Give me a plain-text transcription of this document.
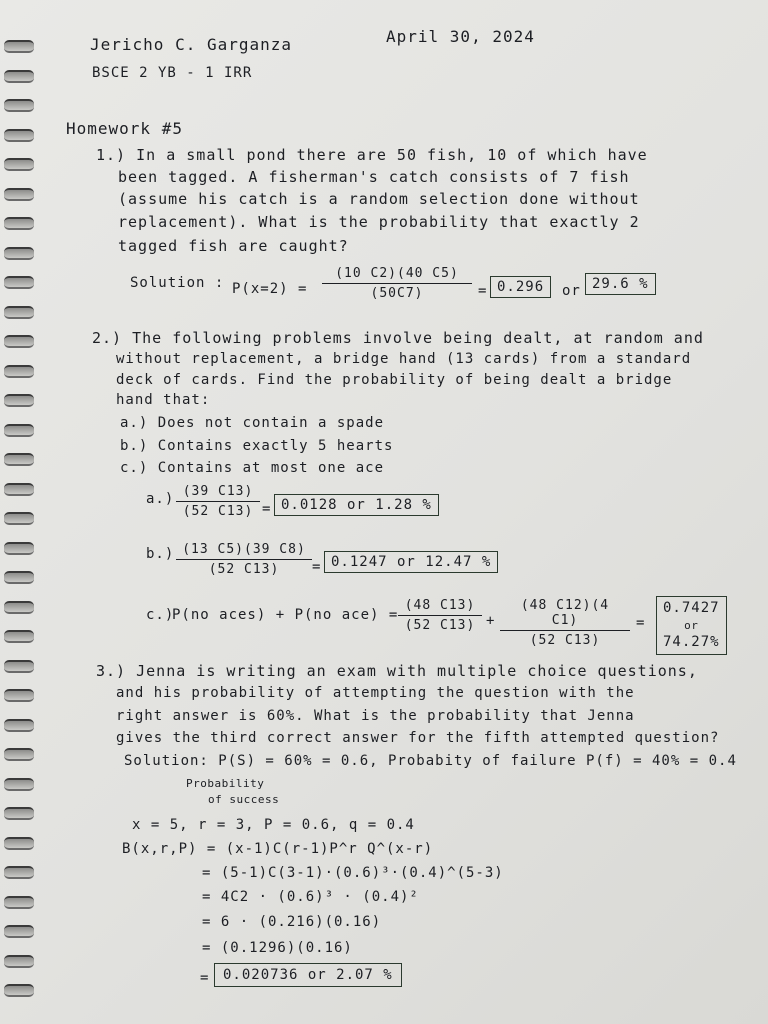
Jericho C. Garganza	April 30, 2024
BSCE 2 YB - 1 IRR
Homework #5
1.) In a small pond there are 50 fish, 10 of which have
been tagged. A fisherman's catch consists of 7 fish
(assume his catch is a random selection done without
replacement). What is the probability that exactly 2
tagged fish are caught?
Solution : $P(x=2) = \frac{(10 C2)(40 C5)}{(50C7)} = 0.296$	or 29.6 %
2.) The following problems involve being dealt, at random and
without replacement, a bridge hand (13 cards) from a standard
deck of cards. Find the probability of being dealt a bridge
hand that:
a.) Does not contain a spade
b.) Contains exactly 5 hearts
c.) Contains at most one ace
$a.) \frac{(39 C13)}{(52 C13)} = 0.0128$ or 1.28 %
$b.) \frac{(13 C5)(39 C8)}{(52 C13)} = 0.1247$ or 12.47 %
c.)
P(no aces) + P(no $ace) = \frac{(48 C13)}{(52 C13)} + \frac{(48 C12)(4 C1)}{(52 C13)}$ =
0.7427
or
74.27%
3.) Jenna is writing an exam with multiple choice questions,
and his probability of attempting the question with the
right answer is 60%. What is the probability that Jenna
gives the third correct answer for the fifth attempted question?
Solution: P(S) = 60% = 0.6, Probabity of failure P(f) = 40% = 0.4
Probability
of success
x = 5, r = 3, P = 0.6, q = 0.4
B(x,r,P) = (x-1)C(r-1)P^r Q^(x-r)
= (5-1)C(3-1)·(0.6)³·(0.4)^(5-3)
= 4C2 · (0.6)³ · (0.4)²
= 6 · (0.216)(0.16)
= (0.1296)(0.16)
= 0.020736 or 2.07 %
